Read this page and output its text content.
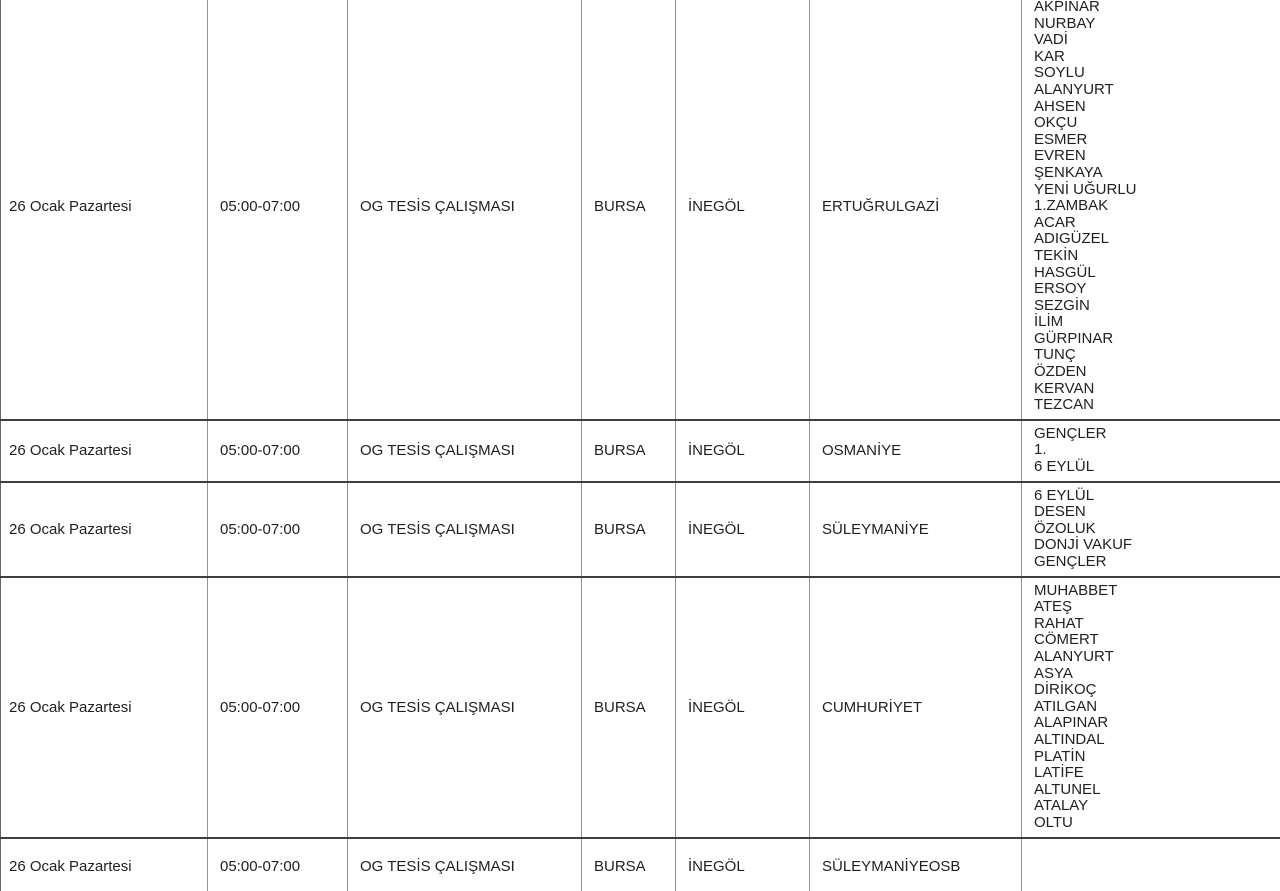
26 Ocak Pazartesi	05:00-07:00	OG TESİS ÇALIŞMASI	BURSA	İNEGÖL	ERTUĞRULGAZİ
AKPINAR
NURBAY
VADİ
KAR
SOYLU
ALANYURT
AHSEN
OKÇU
ESMER
EVREN
ŞENKAYA
YENİ UĞURLU
1.ZAMBAK
ACAR
ADIGÜZEL
TEKİN
HASGÜL
ERSOY
SEZGİN
İLİM
GÜRPINAR
TUNÇ
ÖZDEN
KERVAN
TEZCAN
26 Ocak Pazartesi	05:00-07:00	OG TESİS ÇALIŞMASI	BURSA	İNEGÖL	OSMANİYE
GENÇLER
1.
6 EYLÜL
26 Ocak Pazartesi	05:00-07:00	OG TESİS ÇALIŞMASI	BURSA	İNEGÖL	SÜLEYMANİYE
6 EYLÜL
DESEN
ÖZOLUK
DONJİ VAKUF
GENÇLER
26 Ocak Pazartesi	05:00-07:00	OG TESİS ÇALIŞMASI	BURSA	İNEGÖL	CUMHURİYET
MUHABBET
ATEŞ
RAHAT
CÖMERT
ALANYURT
ASYA
DİRİKOÇ
ATILGAN
ALAPINAR
ALTINDAL
PLATİN
LATİFE
ALTUNEL
ATALAY
OLTU
26 Ocak Pazartesi	05:00-07:00	OG TESİS ÇALIŞMASI	BURSA	İNEGÖL	SÜLEYMANİYEOSB
